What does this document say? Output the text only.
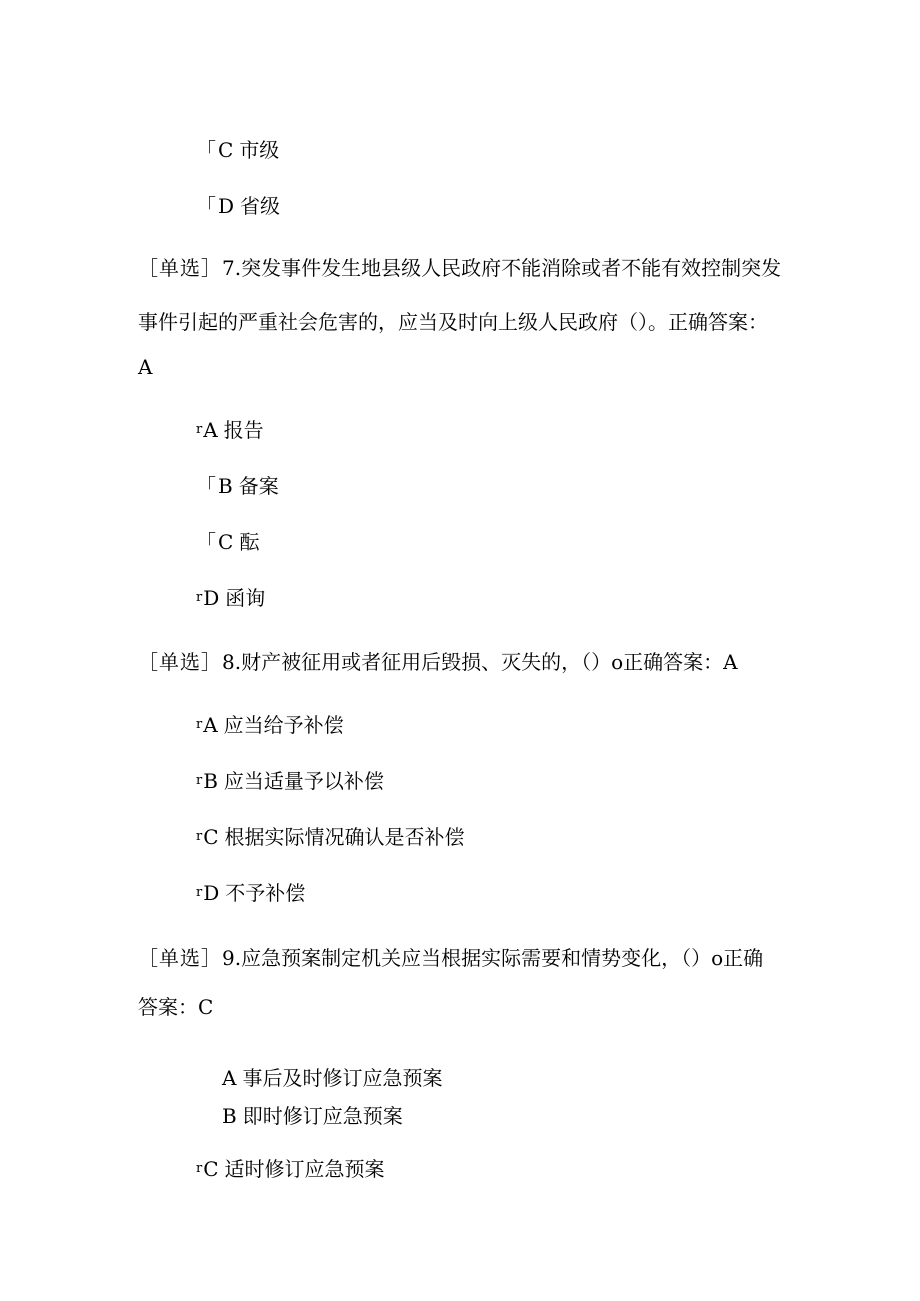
「 C 市级
「 D 省级
［单选］7.突发事件发生地县级人民政府不能消除或者不能有效控制突发
事件引起的严重社会危害的，应当及时向上级人民政府（）。正确答案：
A
rA 报告
「 B 备案
「 C 酝
rD 函询
［单选］8.财产被征用或者征用后毁损、灭失的，（）o正确答案：A
rA 应当给予补偿
rB 应当适量予以补偿
rC 根据实际情况确认是否补偿
rD 不予补偿
［单选］9.应急预案制定机关应当根据实际需要和情势变化，（）o正确
答案：C
A 事后及时修订应急预案
B 即时修订应急预案
rC 适时修订应急预案
